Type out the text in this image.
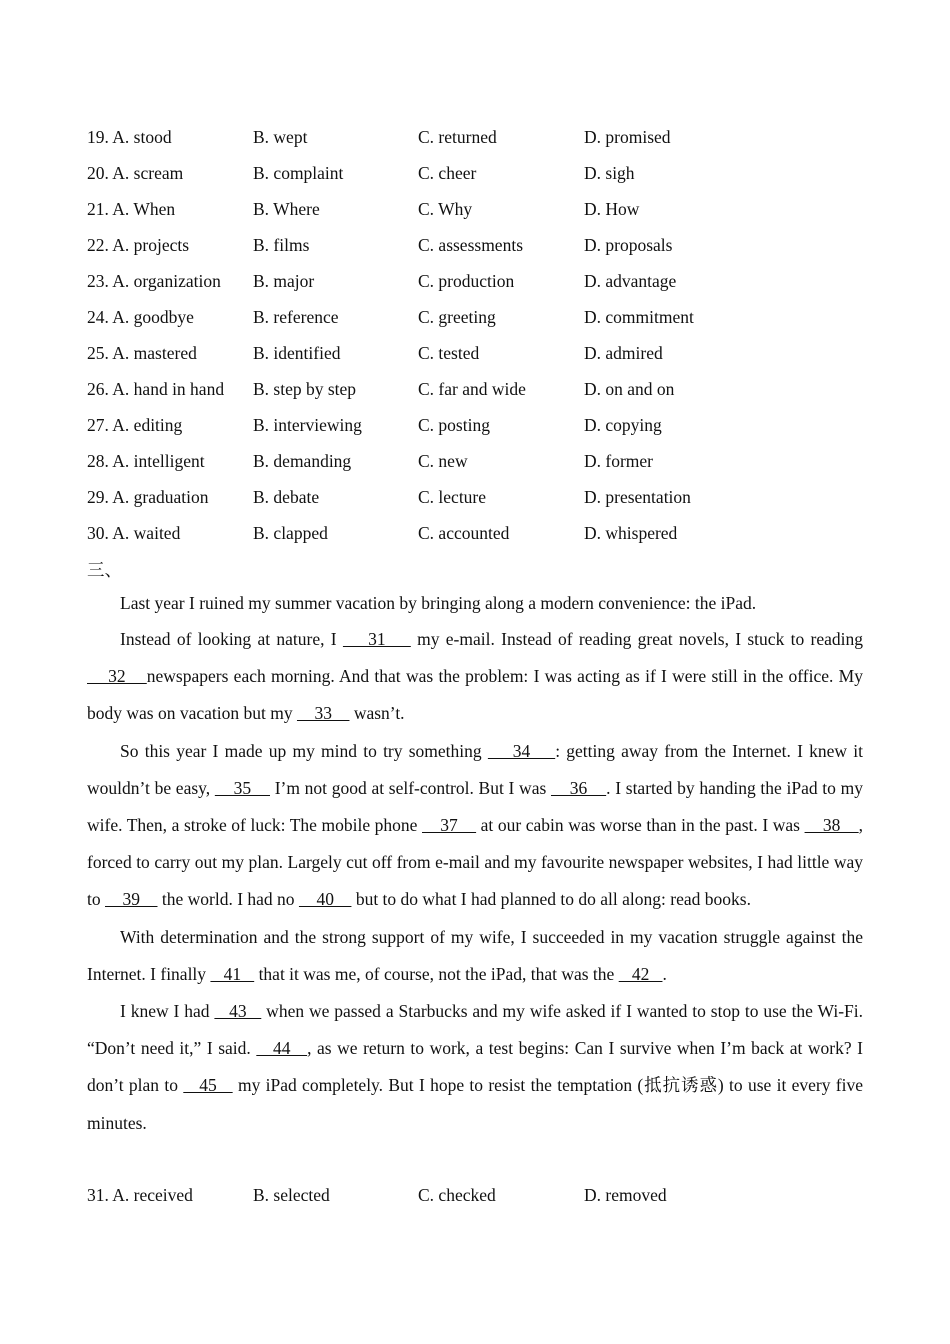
19. A. stood	B. wept	C. returned	D. promised
20. A. scream	B. complaint	C. cheer	D. sigh
21. A. When	B. Where	C. Why	D. How
22. A. projects	B. films	C. assessments	D. proposals
23. A. organization B. major	C. production	D. advantage
24. A. goodbye	B. reference	C. greeting	D. commitment
25. A. mastered	B. identified	C. tested	D. admired
26. A. hand in hand B. step by step	C. far and wide	D. on and on
27. A. editing	B. interviewing	C. posting	D. copying
28. A. intelligent	B. demanding	C. new	D. former
29. A. graduation	B. debate	C. lecture	D. presentation
30. A. waited	B. clapped	C. accounted	D. whispered
三、

Last year I ruined my summer vacation by bringing along a modern convenience: the iPad.

Instead of looking at nature, I     31     my e-mail. Instead of reading great novels, I stuck to reading     32    newspapers each morning. And that was the problem: I was acting as if I were still in the office. My body was on vacation but my     33     wasn’t.

So this year I made up my mind to try something     34    : getting away from the Internet. I knew it wouldn’t be easy,     35     I’m not good at self-control. But I was     36    . I started by handing the iPad to my wife. Then, a stroke of luck: The mobile phone     37     at our cabin was worse than in the past. I was     38    , forced to carry out my plan. Largely cut off from e-mail and my favourite newspaper websites, I had little way to     39     the world. I had no     40     but to do what I had planned to do all along: read books.

With determination and the strong support of my wife, I succeeded in my vacation struggle against the Internet. I finally    41    that it was me, of course, not the iPad, that was the    42   .

I knew I had    43    when we passed a Starbucks and my wife asked if I wanted to stop to use the Wi-Fi. “Don’t need it,” I said.    44   , as we return to work, a test begins: Can I survive when I’m back at work? I don’t plan to    45    my iPad completely. But I hope to resist the temptation (抵抗诱惑) to use it every five minutes.

31. A. received	B. selected	C. checked	D. removed
